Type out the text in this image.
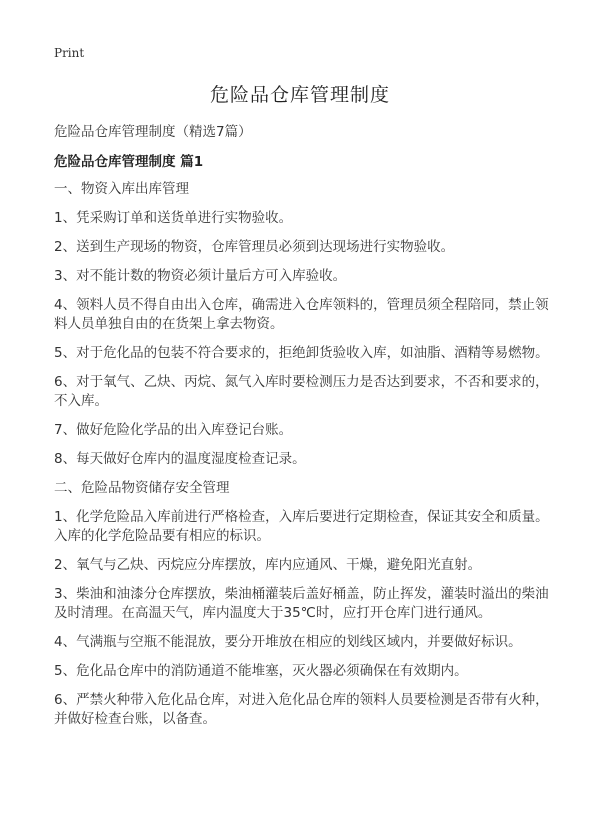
Print
危险品仓库管理制度
危险品仓库管理制度（精选7篇）
危险品仓库管理制度 篇1

一、物资入库出库管理

1、凭采购订单和送货单进行实物验收。

2、送到生产现场的物资，仓库管理员必须到达现场进行实物验收。

3、对不能计数的物资必须计量后方可入库验收。

4、领料人员不得自由出入仓库，确需进入仓库领料的，管理员须全程陪同，禁止领料人员单独自由的在货架上拿去物资。

5、对于危化品的包装不符合要求的，拒绝卸货验收入库，如油脂、酒精等易燃物。

6、对于氧气、乙炔、丙烷、氮气入库时要检测压力是否达到要求，不否和要求的，不入库。

7、做好危险化学品的出入库登记台账。

8、每天做好仓库内的温度湿度检查记录。

二、危险品物资储存安全管理

1、化学危险品入库前进行严格检查，入库后要进行定期检查，保证其安全和质量。入库的化学危险品要有相应的标识。

2、氧气与乙炔、丙烷应分库摆放，库内应通风、干燥，避免阳光直射。

3、柴油和油漆分仓库摆放，柴油桶灌装后盖好桶盖，防止挥发，灌装时溢出的柴油及时清理。在高温天气，库内温度大于35℃时，应打开仓库门进行通风。

4、气满瓶与空瓶不能混放，要分开堆放在相应的划线区域内，并要做好标识。

5、危化品仓库中的消防通道不能堆塞，灭火器必须确保在有效期内。

6、严禁火种带入危化品仓库，对进入危化品仓库的领料人员要检测是否带有火种，并做好检查台账，以备查。
